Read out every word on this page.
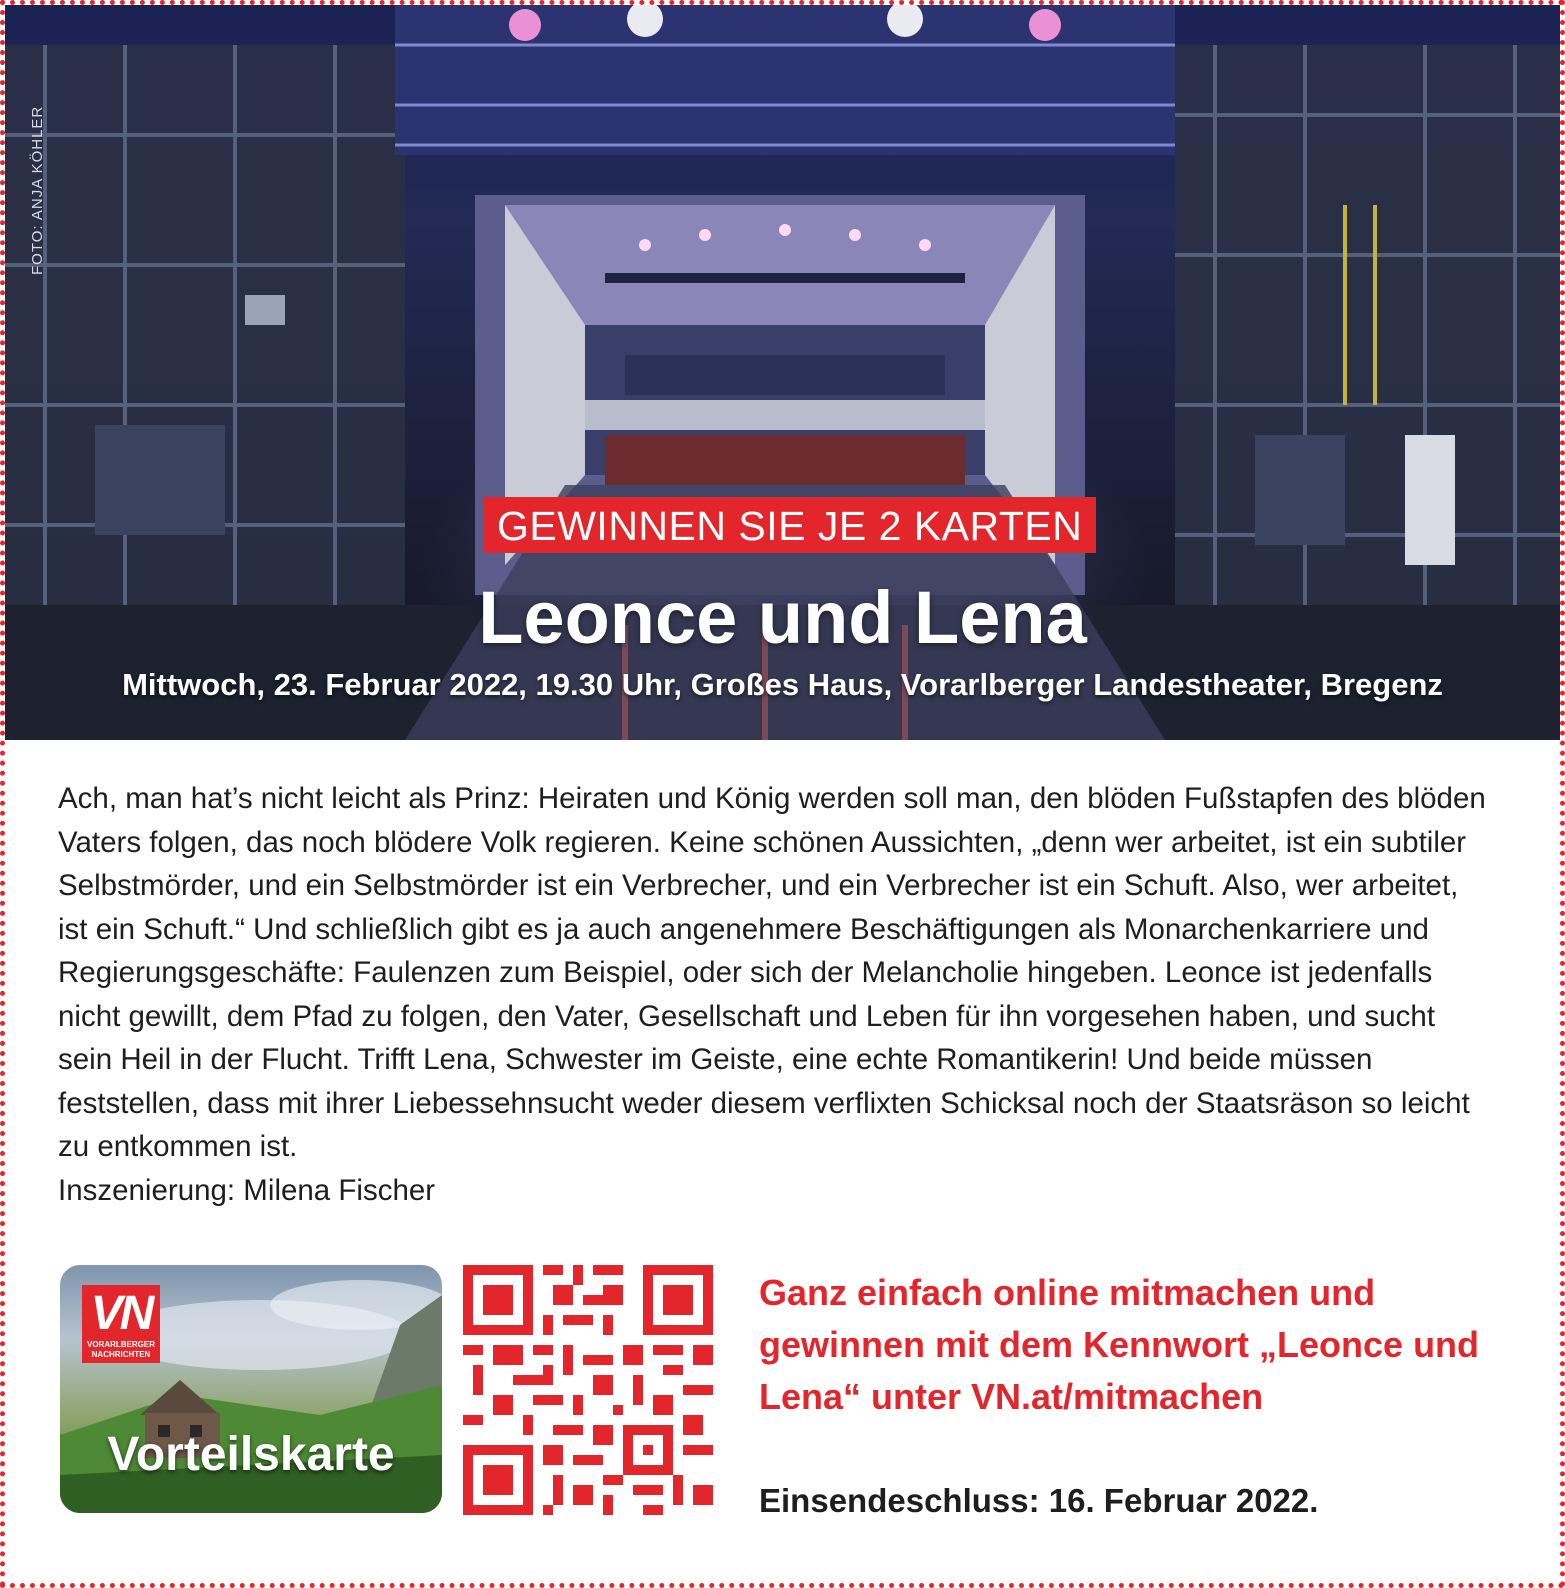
FOTO: ANJA KÖHLER
GEWINNEN SIE JE 2 KARTEN
Leonce und Lena
Mittwoch, 23. Februar 2022, 19.30 Uhr, Großes Haus, Vorarlberger Landestheater, Bregenz

Ach, man hat’s nicht leicht als Prinz: Heiraten und König werden soll man, den blöden Fußstapfen des blöden Vaters folgen, das noch blödere Volk regieren. Keine schönen Aussichten, „denn wer arbeitet, ist ein subtiler Selbstmörder, und ein Selbstmörder ist ein Verbrecher, und ein Verbrecher ist ein Schuft. Also, wer arbeitet, ist ein Schuft.“ Und schließlich gibt es ja auch angenehmere Beschäftigungen als Monarchenkarriere und Regierungsgeschäfte: Faulenzen zum Beispiel, oder sich der Melancholie hingeben. Leonce ist jedenfalls nicht gewillt, dem Pfad zu folgen, den Vater, Gesellschaft und Leben für ihn vorgesehen haben, und sucht sein Heil in der Flucht. Trifft Lena, Schwester im Geiste, eine echte Romantikerin! Und beide müssen feststellen, dass mit ihrer Liebessehnsucht weder diesem verflixten Schicksal noch der Staatsräson so leicht zu entkommen ist.

Inszenierung: Milena Fischer

VN
VORARLBERGER
NACHRICHTEN
Vorteilskarte
Ganz einfach online mitmachen und gewinnen mit dem Kennwort „Leonce und Lena“ unter VN.at/mitmachen
Einsendeschluss: 16. Februar 2022.
